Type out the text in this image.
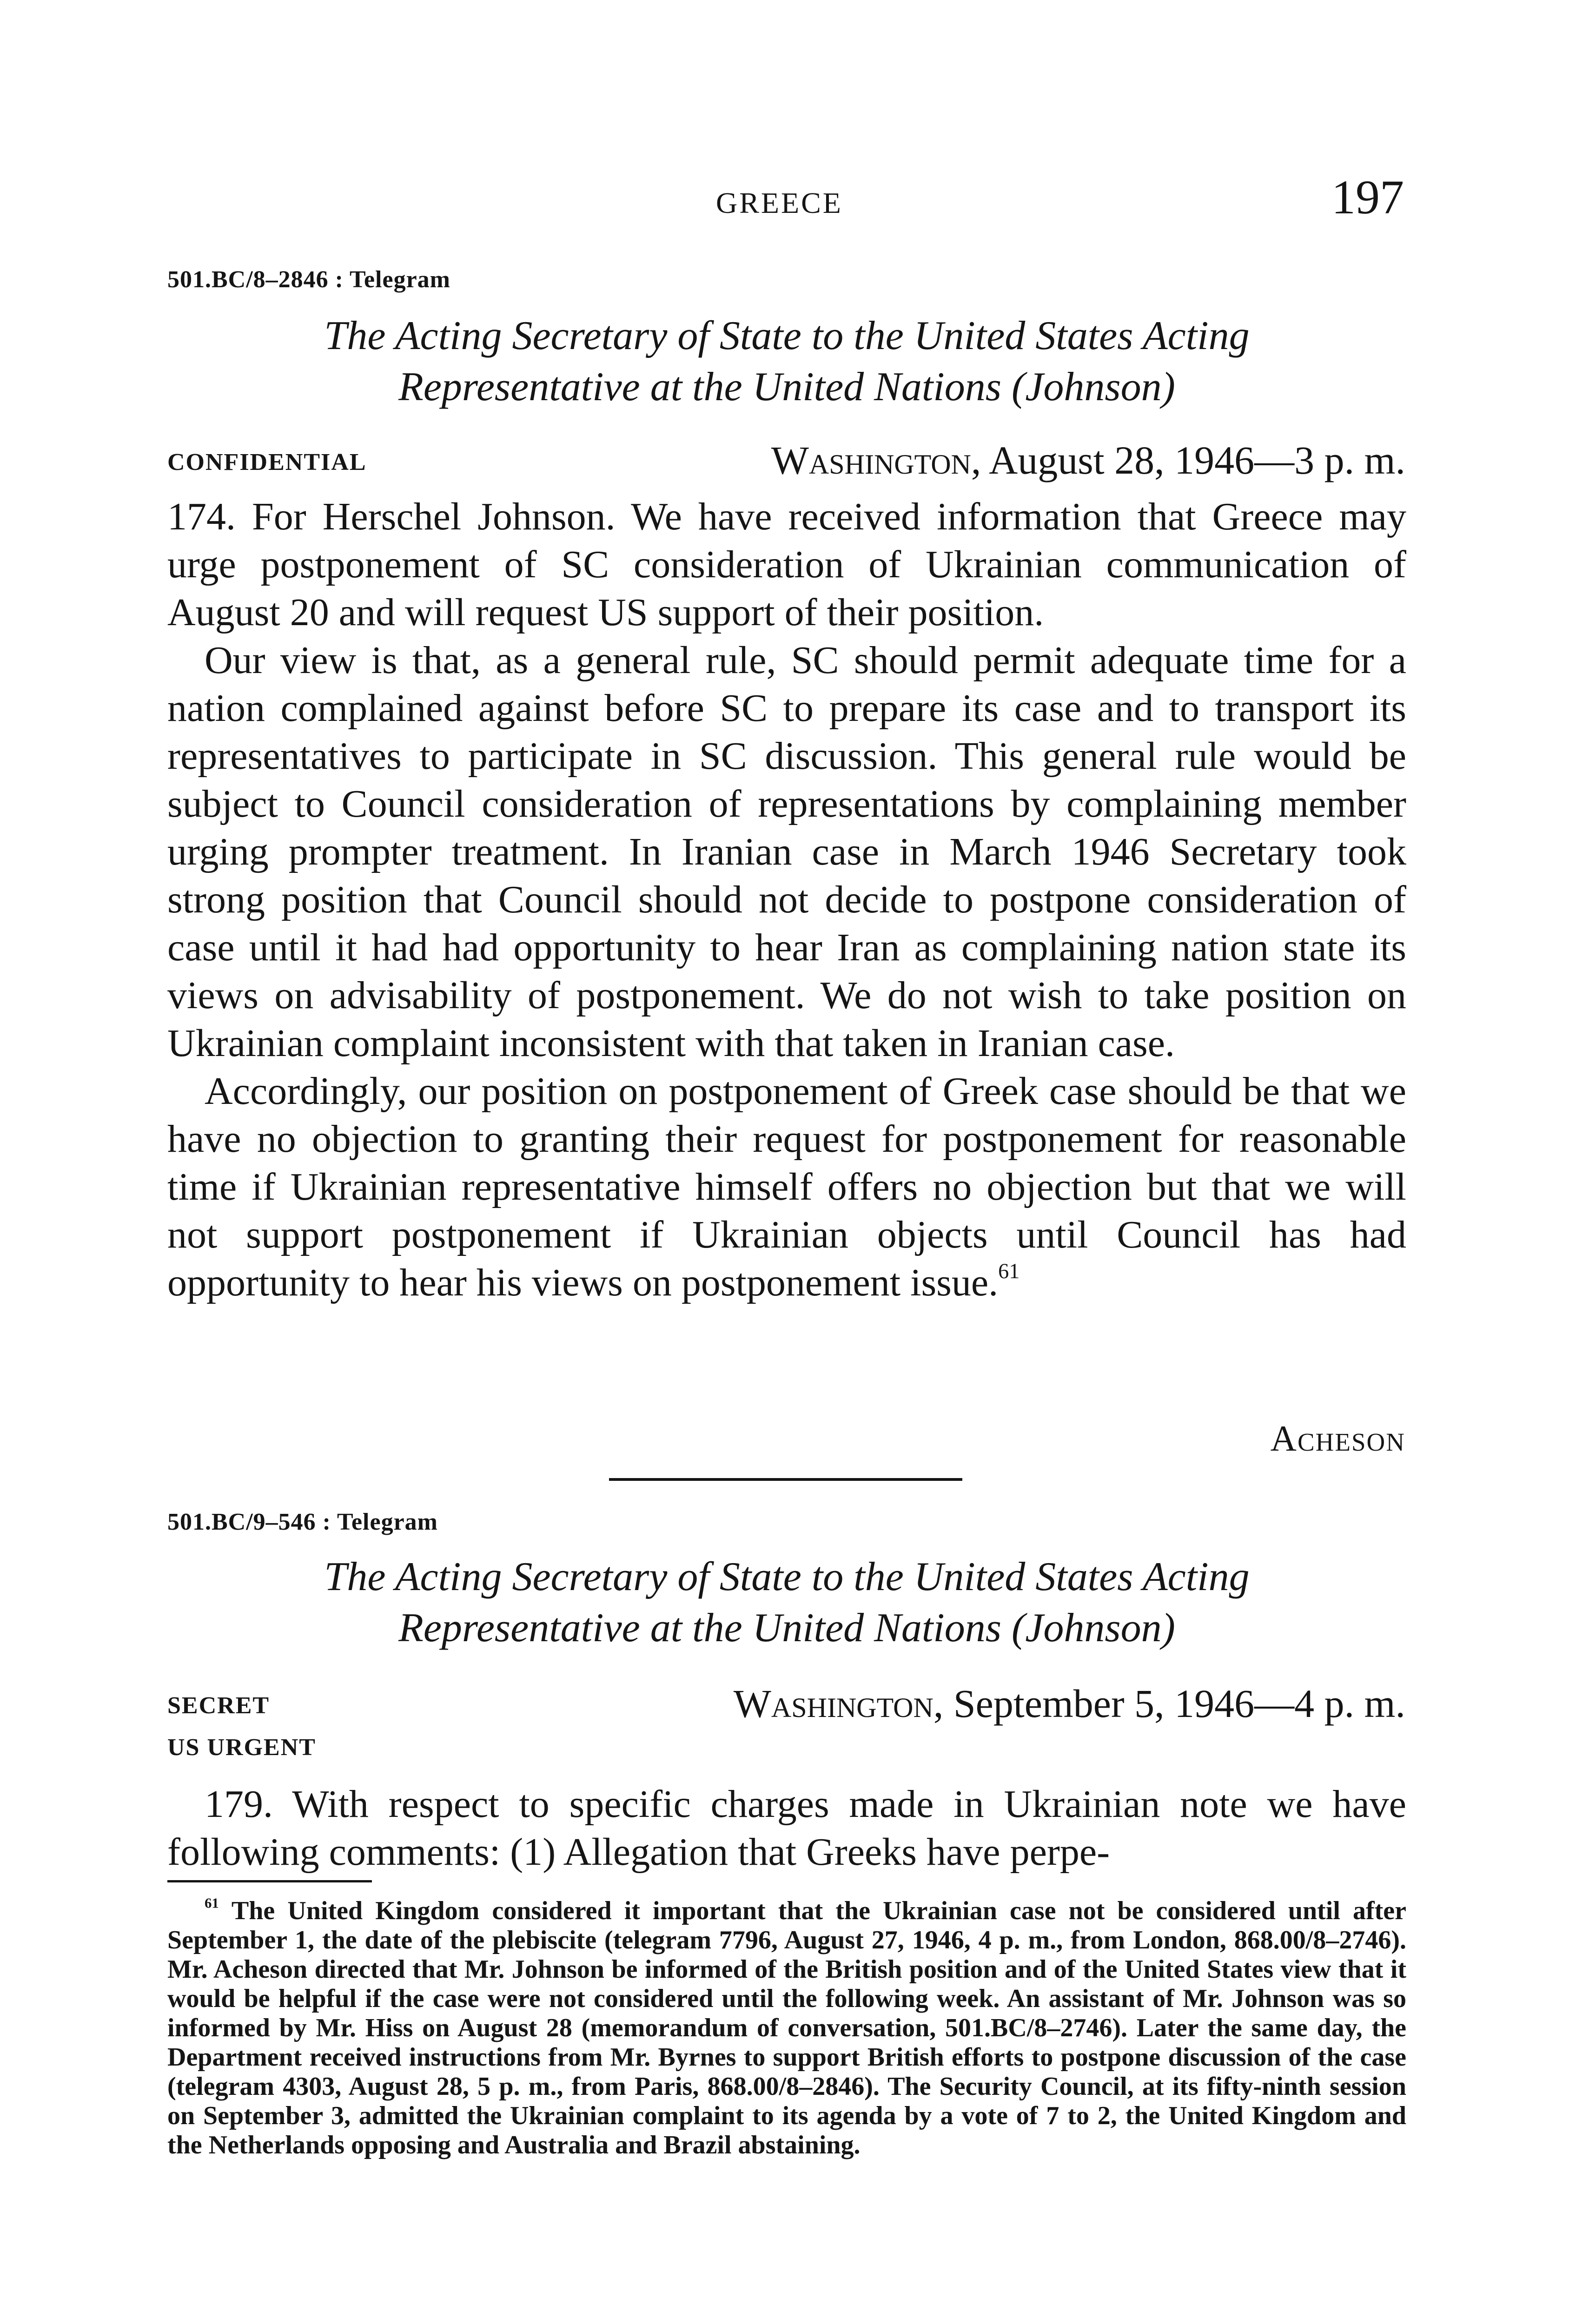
GREECE	197
501.BC/8–2846 : Telegram
The Acting Secretary of State to the United States Acting
Representative at the United Nations (Johnson)
CONFIDENTIAL	Washington, August 28, 1946—3 p. m.

174. For Herschel Johnson. We have received information that Greece may urge postponement of SC consideration of Ukrainian communication of August 20 and will request US support of their position.

Our view is that, as a general rule, SC should permit adequate time for a nation complained against before SC to prepare its case and to transport its representatives to participate in SC discussion. This general rule would be subject to Council consideration of representations by complaining member urging prompter treatment. In Iranian case in March 1946 Secretary took strong position that Council should not decide to postpone consideration of case until it had had opportunity to hear Iran as complaining nation state its views on advisability of postponement. We do not wish to take position on Ukrainian complaint inconsistent with that taken in Iranian case.

Accordingly, our position on postponement of Greek case should be that we have no objection to granting their request for postponement for reasonable time if Ukrainian representative himself offers no objection but that we will not support postponement if Ukrainian objects until Council has had opportunity to hear his views on postponement issue.$^{61}$

Acheson
501.BC/9–546 : Telegram
The Acting Secretary of State to the United States Acting
Representative at the United Nations (Johnson)
SECRET
US URGENT
Washington, September 5, 1946—4 p. m.

179. With respect to specific charges made in Ukrainian note we have following comments: (1) Allegation that Greeks have perpe-

$^{61}$ The United Kingdom considered it important that the Ukrainian case not be considered until after September 1, the date of the plebiscite (telegram 7796, August 27, 1946, 4 p. m., from London, 868.00/8–2746). Mr. Acheson directed that Mr. Johnson be informed of the British position and of the United States view that it would be helpful if the case were not considered until the following week. An assistant of Mr. Johnson was so informed by Mr. Hiss on August 28 (memorandum of conversation, 501.BC/8–2746). Later the same day, the Department received instructions from Mr. Byrnes to support British efforts to postpone discussion of the case (telegram 4303, August 28, 5 p. m., from Paris, 868.00/8–2846). The Security Council, at its fifty-ninth session on September 3, admitted the Ukrainian complaint to its agenda by a vote of 7 to 2, the United Kingdom and the Netherlands opposing and Australia and Brazil abstaining.
